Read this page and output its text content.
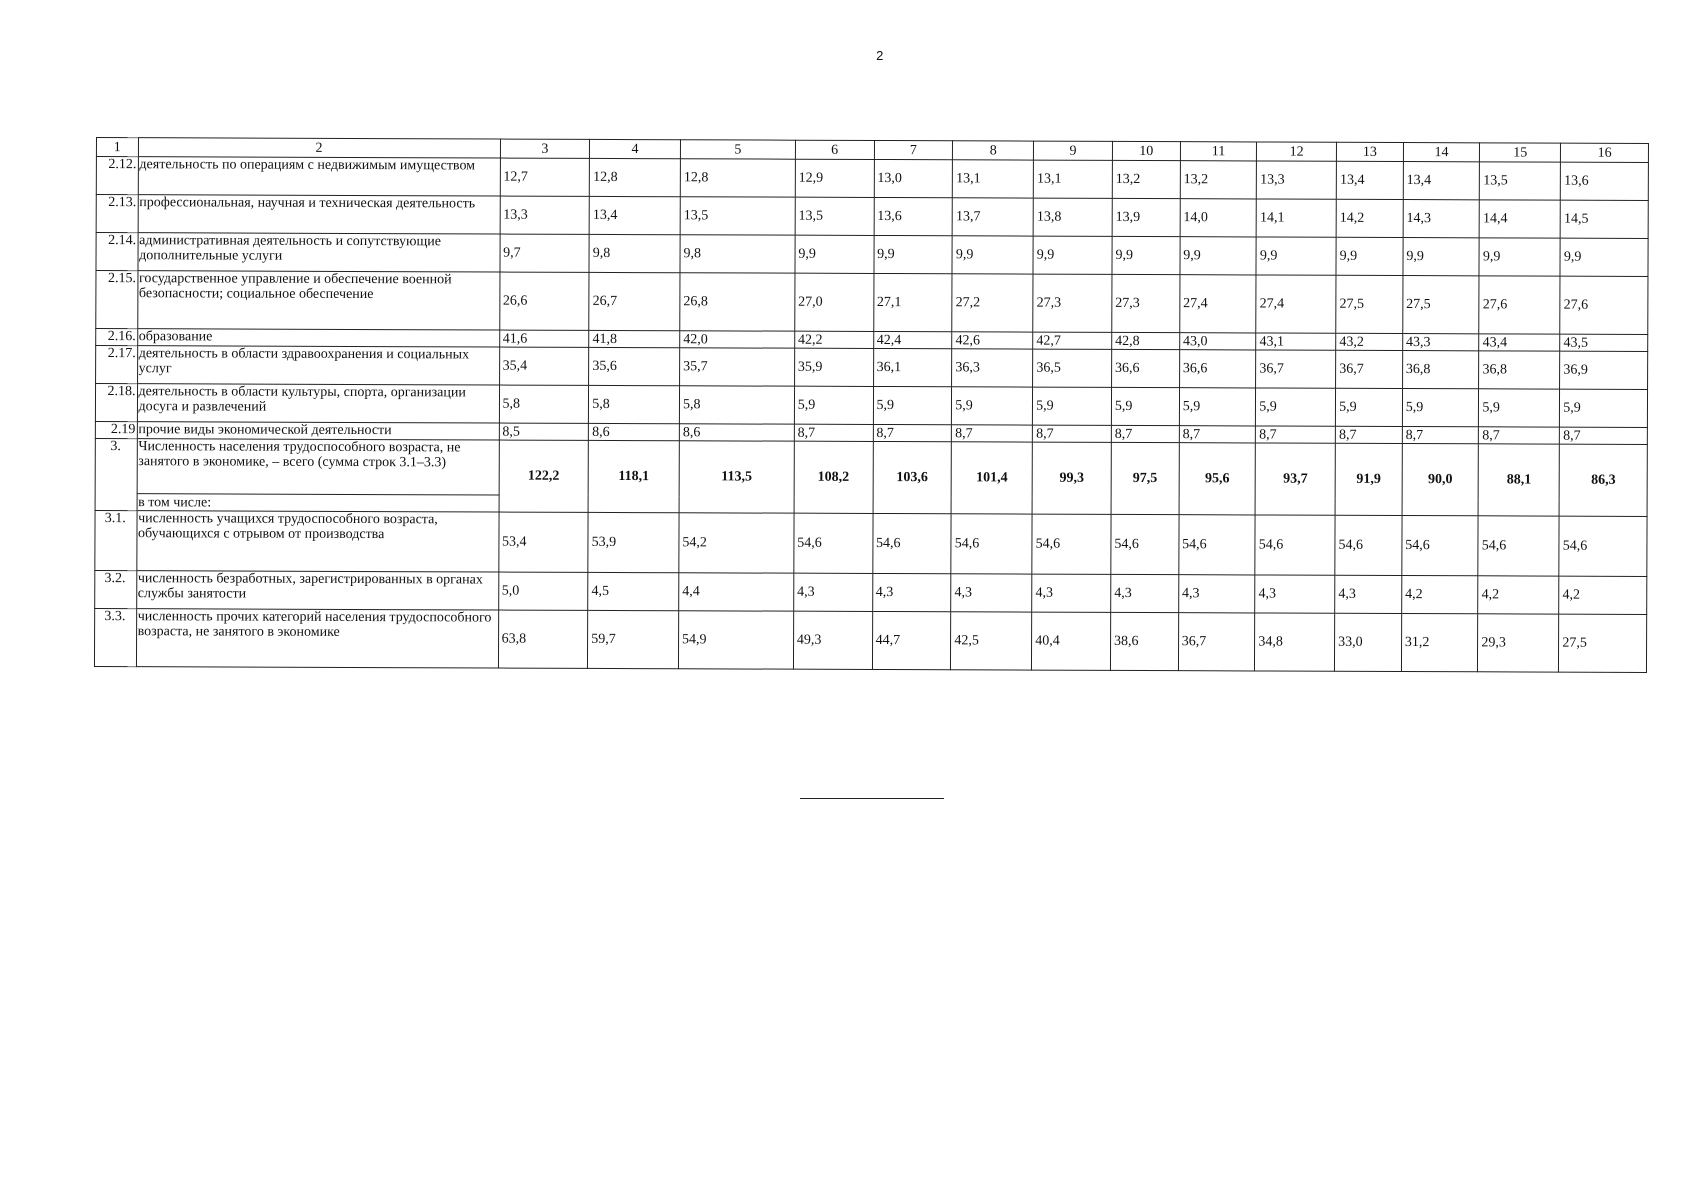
2
1	2	3	4	5	6	7	8	9	10	11	12	13	14	15	16
2.12.	деятельность по операциям с недвижимым имуществом	12,7	12,8	12,8	12,9	13,0	13,1	13,1	13,2	13,2	13,3	13,4	13,4	13,5	13,6
2.13.	профессиональная, научная и техническая деятельность	13,3	13,4	13,5	13,5	13,6	13,7	13,8	13,9	14,0	14,1	14,2	14,3	14,4	14,5
2.14.	административная деятельность и сопутствующие дополнительные услуги	9,7	9,8	9,8	9,9	9,9	9,9	9,9	9,9	9,9	9,9	9,9	9,9	9,9	9,9
2.15.	государственное управление и обеспечение военной безопасности; социальное обеспечение	26,6	26,7	26,8	27,0	27,1	27,2	27,3	27,3	27,4	27,4	27,5	27,5	27,6	27,6
2.16.	образование	41,6	41,8	42,0	42,2	42,4	42,6	42,7	42,8	43,0	43,1	43,2	43,3	43,4	43,5
2.17.	деятельность в области здравоохранения и социальных услуг	35,4	35,6	35,7	35,9	36,1	36,3	36,5	36,6	36,6	36,7	36,7	36,8	36,8	36,9
2.18.	деятельность в области культуры, спорта, организации досуга и развлечений	5,8	5,8	5,8	5,9	5,9	5,9	5,9	5,9	5,9	5,9	5,9	5,9	5,9	5,9
2.19	прочие виды экономической деятельности	8,5	8,6	8,6	8,7	8,7	8,7	8,7	8,7	8,7	8,7	8,7	8,7	8,7	8,7
3.	Численность населения трудоспособного возраста, не занятого в экономике, – всего (сумма строк 3.1–3.3)	122,2	118,1	113,5	108,2	103,6	101,4	99,3	97,5	95,6	93,7	91,9	90,0	88,1	86,3
	в том числе:														
3.1.	численность учащихся трудоспособного возраста, обучающихся с отрывом от производства	53,4	53,9	54,2	54,6	54,6	54,6	54,6	54,6	54,6	54,6	54,6	54,6	54,6	54,6
3.2.	численность безработных, зарегистрированных в органах службы занятости	5,0	4,5	4,4	4,3	4,3	4,3	4,3	4,3	4,3	4,3	4,3	4,2	4,2	4,2
3.3.	численность прочих категорий населения трудоспособного возраста, не занятого в экономике	63,8	59,7	54,9	49,3	44,7	42,5	40,4	38,6	36,7	34,8	33,0	31,2	29,3	27,5
